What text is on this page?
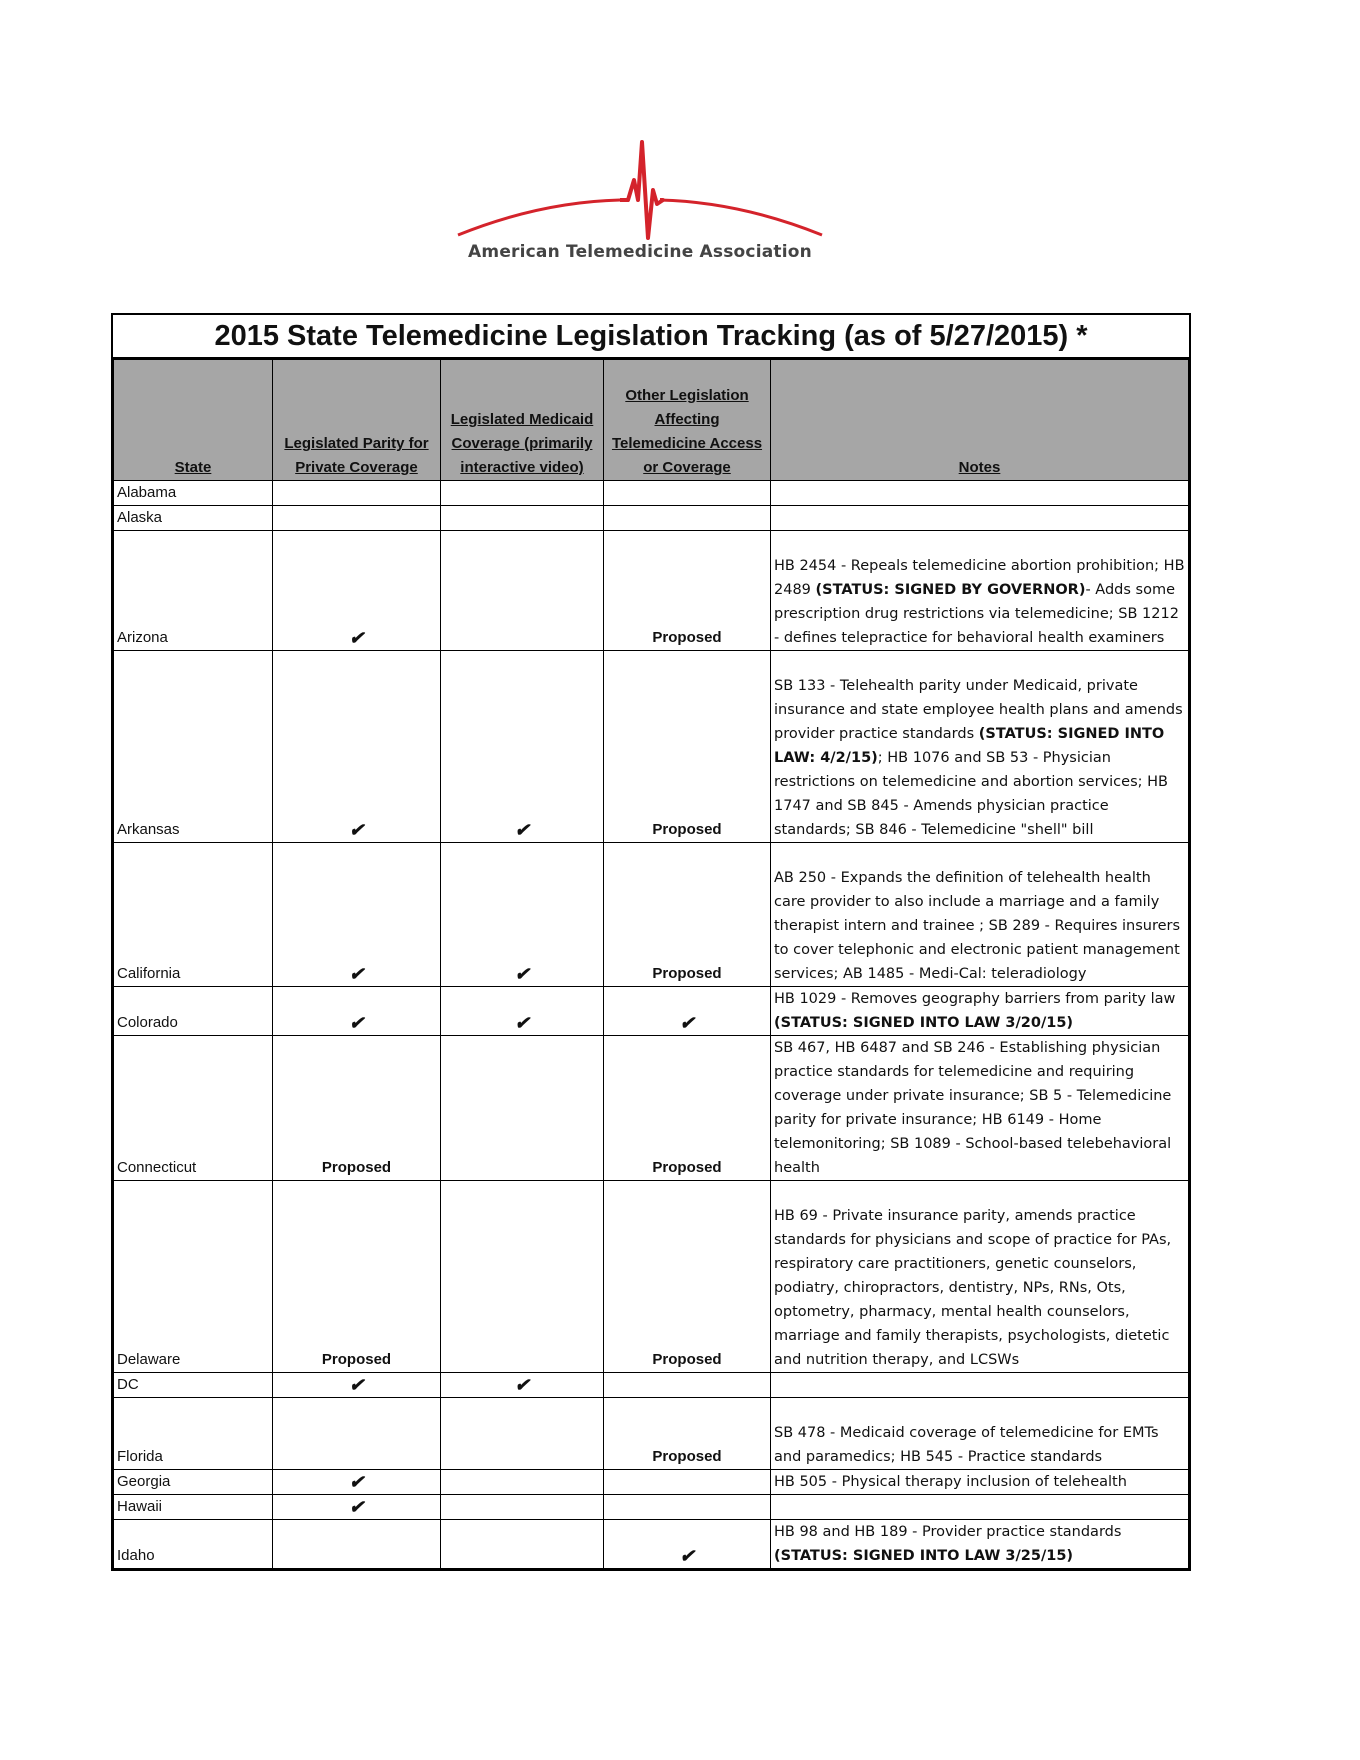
American Telemedicine Association
2015 State Telemedicine Legislation Tracking (as of 5/27/2015) *
State	Legislated Parity for Private Coverage	Legislated Medicaid Coverage (primarily interactive video)	Other Legislation Affecting Telemedicine Access or Coverage	Notes
Alabama				
Alaska				
Arizona	✔		Proposed	HB 2454 - Repeals telemedicine abortion prohibition; HB 2489 (STATUS: SIGNED BY GOVERNOR)- Adds some prescription drug restrictions via telemedicine; SB 1212 - defines telepractice for behavioral health examiners
Arkansas	✔	✔	Proposed	SB 133 - Telehealth parity under Medicaid, private insurance and state employee health plans and amends provider practice standards (STATUS: SIGNED INTO LAW: 4/2/15); HB 1076 and SB 53 - Physician restrictions on telemedicine and abortion services; HB 1747 and SB 845 - Amends physician practice standards; SB 846 - Telemedicine "shell" bill
California	✔	✔	Proposed	AB 250 - Expands the definition of telehealth health care provider to also include a marriage and a family therapist intern and trainee ; SB 289 - Requires insurers to cover telephonic and electronic patient management services; AB 1485 - Medi-Cal: teleradiology
Colorado	✔	✔	✔	HB 1029 - Removes geography barriers from parity law (STATUS: SIGNED INTO LAW 3/20/15)
Connecticut	Proposed		Proposed	SB 467, HB 6487 and SB 246 - Establishing physician practice standards for telemedicine and requiring coverage under private insurance; SB 5 - Telemedicine parity for private insurance; HB 6149 - Home telemonitoring; SB 1089 - School-based telebehavioral health
Delaware	Proposed		Proposed	HB 69 - Private insurance parity, amends practice standards for physicians and scope of practice for PAs, respiratory care practitioners, genetic counselors, podiatry, chiropractors, dentistry, NPs, RNs, Ots, optometry, pharmacy, mental health counselors, marriage and family therapists, psychologists, dietetic and nutrition therapy, and LCSWs
DC	✔	✔		
Florida			Proposed	SB 478 - Medicaid coverage of telemedicine for EMTs and paramedics; HB 545 - Practice standards
Georgia	✔			HB 505 - Physical therapy inclusion of telehealth
Hawaii	✔			
Idaho			✔	HB 98 and HB 189 - Provider practice standards (STATUS: SIGNED INTO LAW 3/25/15)
